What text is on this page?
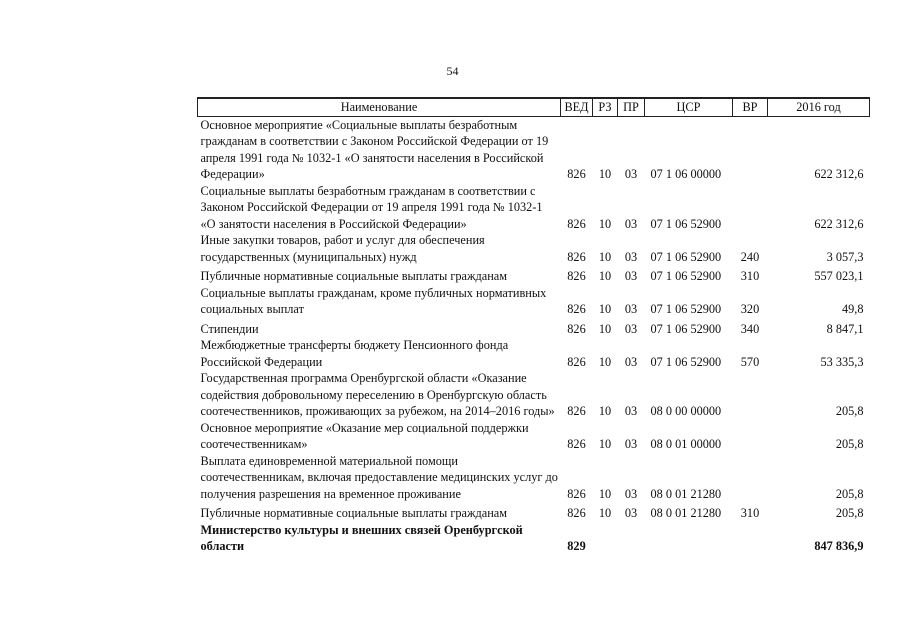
54
Наименование	ВЕД	РЗ	ПР	ЦСР	ВР	2016 год
Основное мероприятие «Социальные выплаты безработным гражданам в соответствии с Законом Российской Федерации от 19 апреля 1991 года № 1032-1 «О занятости населения в Российской Федерации»	826	10	03	07 1 06 00000		622 312,6
Социальные выплаты безработным гражданам в соответствии с Законом Российской Федерации от 19 апреля 1991 года № 1032-1 «О занятости населения в Российской Федерации»	826	10	03	07 1 06 52900		622 312,6
Иные закупки товаров, работ и услуг для обеспечения государственных (муниципальных) нужд	826	10	03	07 1 06 52900	240	3 057,3
Публичные нормативные социальные выплаты гражданам	826	10	03	07 1 06 52900	310	557 023,1
Социальные выплаты гражданам, кроме публичных нормативных социальных выплат	826	10	03	07 1 06 52900	320	49,8
Стипендии	826	10	03	07 1 06 52900	340	8 847,1
Межбюджетные трансферты бюджету Пенсионного фонда Российской Федерации	826	10	03	07 1 06 52900	570	53 335,3
Государственная программа Оренбургской области «Оказание содействия добровольному переселению в Оренбургскую область соотечественников, проживающих за рубежом, на 2014–2016 годы»	826	10	03	08 0 00 00000		205,8
Основное мероприятие «Оказание мер социальной поддержки соотечественникам»	826	10	03	08 0 01 00000		205,8
Выплата единовременной материальной помощи соотечественникам, включая предоставление медицинских услуг до получения разрешения на временное проживание	826	10	03	08 0 01 21280		205,8
Публичные нормативные социальные выплаты гражданам	826	10	03	08 0 01 21280	310	205,8
Министерство культуры и внешних связей Оренбургской области	829					847 836,9
